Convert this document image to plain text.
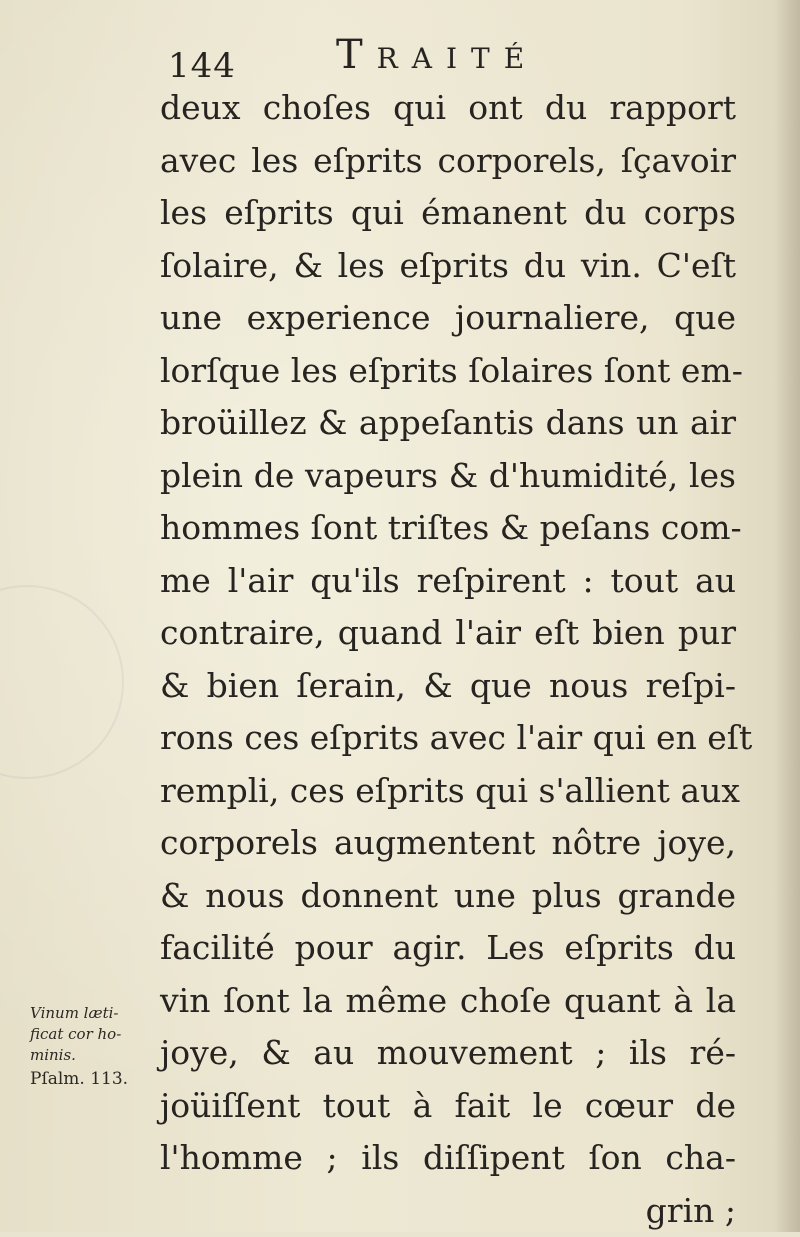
144	Traité
deux choſes qui ont du rapport
avec les eſprits corporels, ſçavoir
les eſprits qui émanent du corps
ſolaire, & les eſprits du vin. C'eſt
une experience journaliere, que
lorſque les eſprits ſolaires ſont em-
broüillez & appeſantis dans un air
plein de vapeurs & d'humidité, les
hommes ſont triſtes & peſans com-
me l'air qu'ils reſpirent : tout au
contraire, quand l'air eſt bien pur
& bien ſerain, & que nous reſpi-
rons ces eſprits avec l'air qui en eſt
rempli, ces eſprits qui s'allient aux
corporels augmentent nôtre joye,
& nous donnent une plus grande
facilité pour agir. Les eſprits du
vin ſont la même choſe quant à la
joye, & au mouvement ; ils ré-
joüiſſent tout à fait le cœur de
l'homme ; ils diſſipent ſon cha-
grin ;
Vinum læti-
ficat cor ho-
minis.
Pſalm. 113.
